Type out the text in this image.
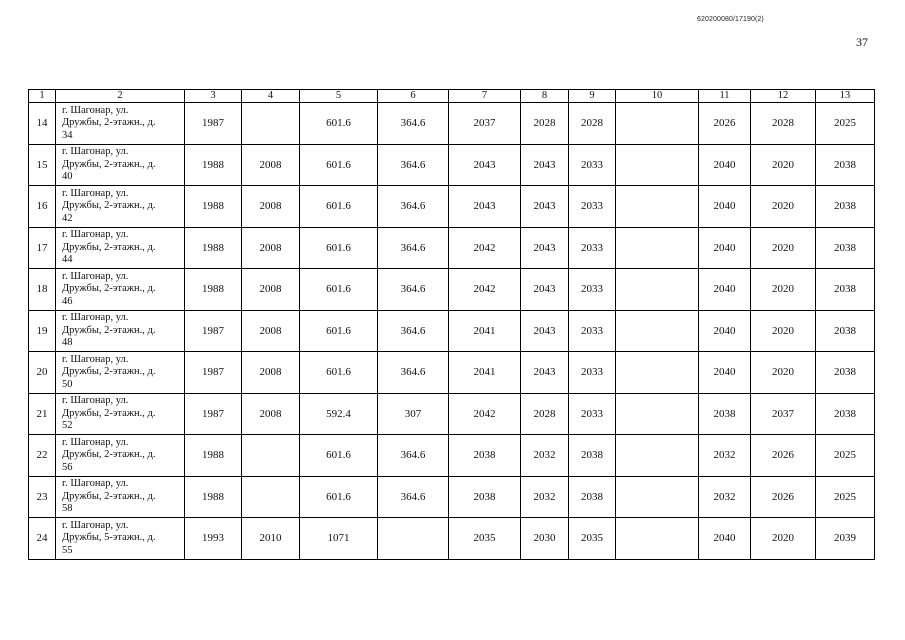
620200080/17190(2)
37
1	2	3	4	5	6	7	8	9	10	11	12	13
14	г. Шагонар, ул.
Дружбы, 2-этажн., д.
34	1987		601.6	364.6	2037	2028	2028		2026	2028	2025
15	г. Шагонар, ул.
Дружбы, 2-этажн., д.
40	1988	2008	601.6	364.6	2043	2043	2033		2040	2020	2038
16	г. Шагонар, ул.
Дружбы, 2-этажн., д.
42	1988	2008	601.6	364.6	2043	2043	2033		2040	2020	2038
17	г. Шагонар, ул.
Дружбы, 2-этажн., д.
44	1988	2008	601.6	364.6	2042	2043	2033		2040	2020	2038
18	г. Шагонар, ул.
Дружбы, 2-этажн., д.
46	1988	2008	601.6	364.6	2042	2043	2033		2040	2020	2038
19	г. Шагонар, ул.
Дружбы, 2-этажн., д.
48	1987	2008	601.6	364.6	2041	2043	2033		2040	2020	2038
20	г. Шагонар, ул.
Дружбы, 2-этажн., д.
50	1987	2008	601.6	364.6	2041	2043	2033		2040	2020	2038
21	г. Шагонар, ул.
Дружбы, 2-этажн., д.
52	1987	2008	592.4	307	2042	2028	2033		2038	2037	2038
22	г. Шагонар, ул.
Дружбы, 2-этажн., д.
56	1988		601.6	364.6	2038	2032	2038		2032	2026	2025
23	г. Шагонар, ул.
Дружбы, 2-этажн., д.
58	1988		601.6	364.6	2038	2032	2038		2032	2026	2025
24	г. Шагонар, ул.
Дружбы, 5-этажн., д.
55	1993	2010	1071		2035	2030	2035		2040	2020	2039
